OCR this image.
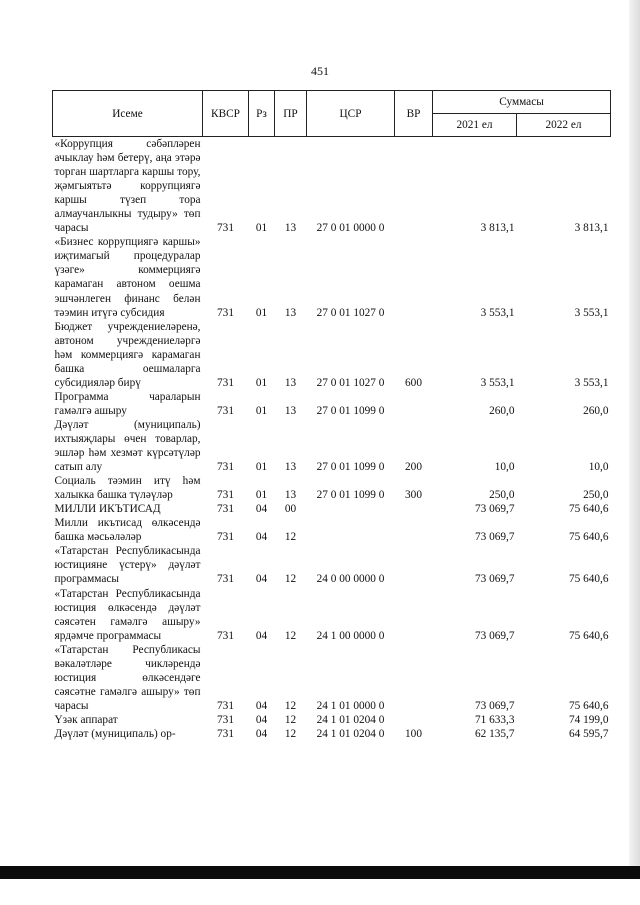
451
Исеме	КВСР	Рз	ПР	ЦСР	ВР	Суммасы	
						2021 ел	2022 ел
«Коррупция сәбәпләрен ачыклау һәм бетерү, аңа этәрә торган шартларга каршы тору, җәмгыятьтә коррупциягә каршы түзеп тора алмаучанлыкны тудыру» төп чарасы	731	01	13	27 0 01 0000 0		3 813,1	3 813,1
«Бизнес коррупциягә каршы» иҗтимагый процедуралар үзәге» коммерциягә карамаган автоном оешма эшчәнлеген финанс белән тәэмин итүгә субсидия	731	01	13	27 0 01 1027 0		3 553,1	3 553,1
Бюджет учреждениеләренә, автоном учреждениеләргә һәм коммерциягә карамаган башка оешмаларга субсидияләр бирү	731	01	13	27 0 01 1027 0	600	3 553,1	3 553,1
Программа чараларын гамәлгә ашыру	731	01	13	27 0 01 1099 0		260,0	260,0
Дәүләт (муниципаль) ихтыяҗлары өчен товарлар, эшләр һәм хезмәт күрсәтүләр сатып алу	731	01	13	27 0 01 1099 0	200	10,0	10,0
Социаль тәэмин итү һәм халыкка башка түләүләр	731	01	13	27 0 01 1099 0	300	250,0	250,0
МИЛЛИ ИКЪТИСАД	731	04	00			73 069,7	75 640,6
Милли икътисад өлкәсендә башка мәсьәләләр	731	04	12			73 069,7	75 640,6
«Татарстан Республикасында юстицияне үстерү» дәүләт программасы	731	04	12	24 0 00 0000 0		73 069,7	75 640,6
«Татарстан Республикасында юстиция өлкәсендә дәүләт сәясәтен гамәлгә ашыру» ярдәмче программасы	731	04	12	24 1 00 0000 0		73 069,7	75 640,6
«Татарстан Республикасы вәкаләтләре чикләрендә юстиция өлкәсендәге сәясәтне гамәлгә ашыру» төп чарасы	731	04	12	24 1 01 0000 0		73 069,7	75 640,6
Үзәк аппарат	731	04	12	24 1 01 0204 0		71 633,3	74 199,0
Дәүләт (муниципаль) ор-	731	04	12	24 1 01 0204 0	100	62 135,7	64 595,7
